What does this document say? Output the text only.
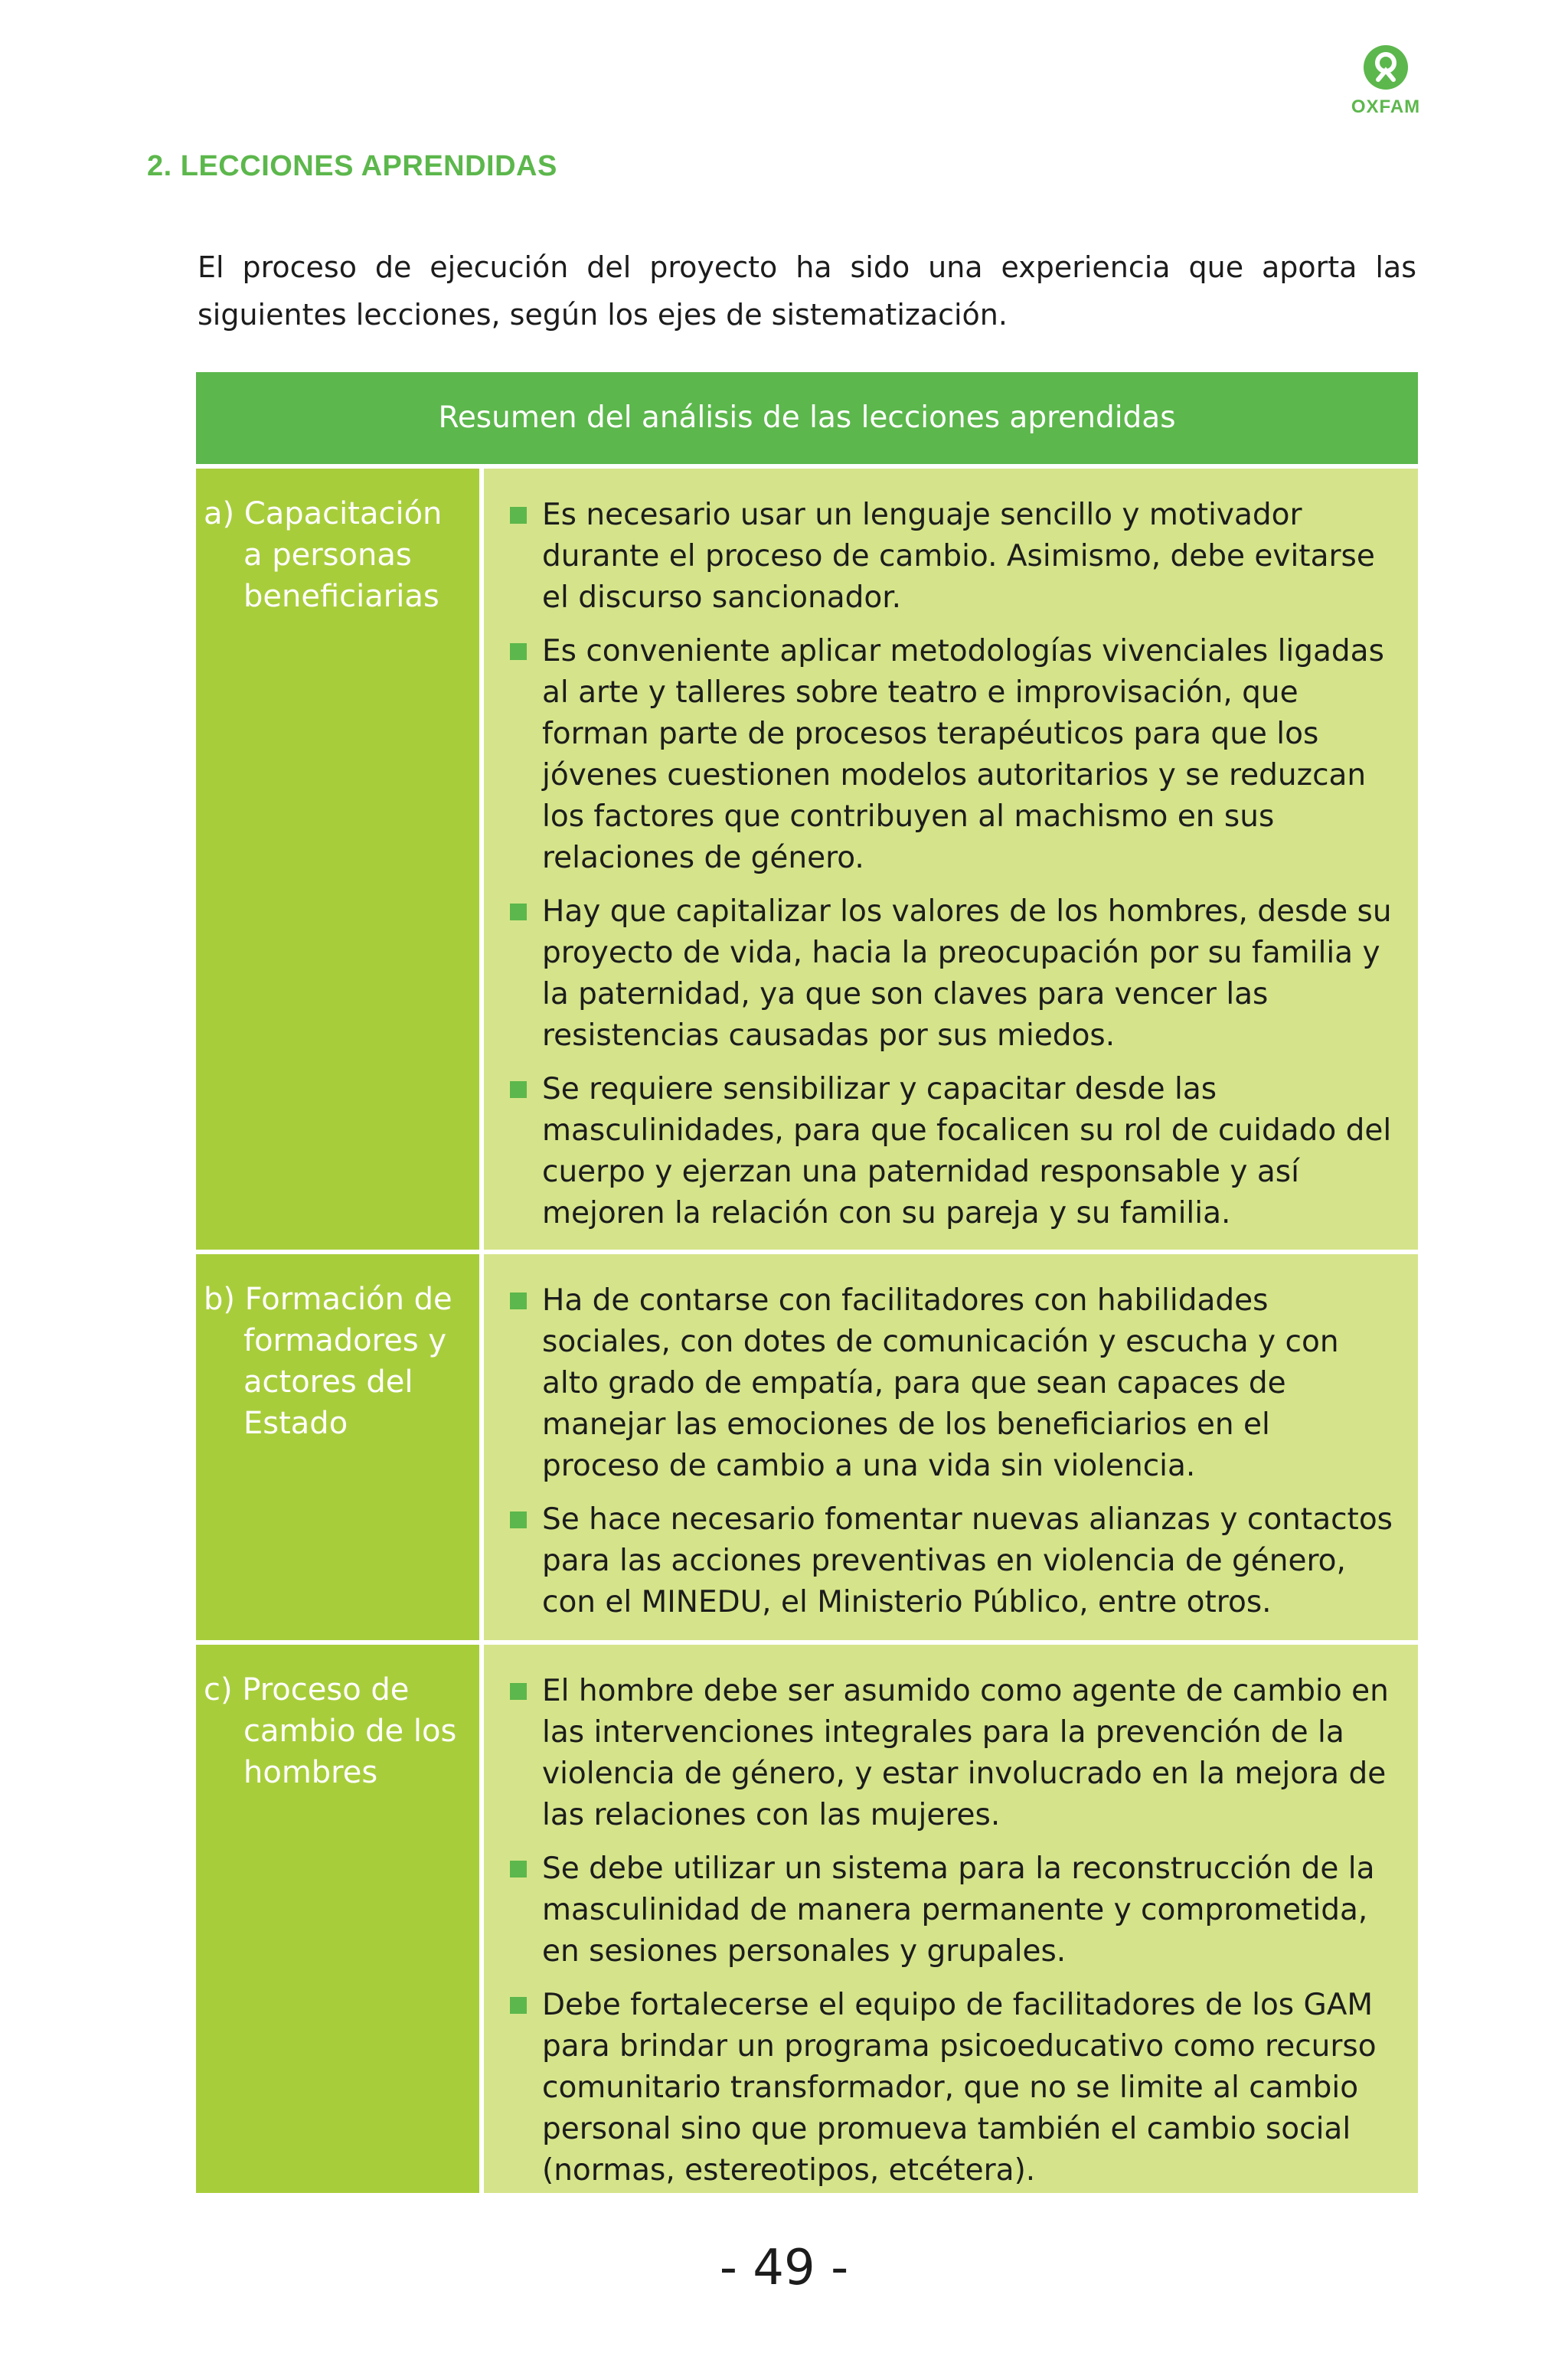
OXFAM
2. LECCIONES APRENDIDAS

El proceso de ejecución del proyecto ha sido una experiencia que aporta las siguientes lecciones, según los ejes de sistematización.

Resumen del análisis de las lecciones aprendidas
a) Capacitación a personas beneficiarias
Es necesario usar un lenguaje sencillo y motivador durante el proceso de cambio. Asimismo, debe evitarse el discurso sancionador.
Es conveniente aplicar metodologías vivenciales ligadas al arte y talleres sobre teatro e improvisación, que forman parte de procesos terapéuticos para que los jóvenes cuestionen modelos autoritarios y se reduzcan los factores que contribuyen al machismo en sus relaciones de género.
Hay que capitalizar los valores de los hombres, desde su proyecto de vida, hacia la preocupación por su familia y la paternidad, ya que son claves para vencer las resistencias causadas por sus miedos.
Se requiere sensibilizar y capacitar desde las masculinidades, para que focalicen su rol de cuidado del cuerpo y ejerzan una paternidad responsable y así mejoren la relación con su pareja y su familia.
b) Formación de formadores y actores del Estado
Ha de contarse con facilitadores con habilidades sociales, con dotes de comunicación y escucha y con alto grado de empatía, para que sean capaces de manejar las emociones de los beneficiarios en el proceso de cambio a una vida sin violencia.
Se hace necesario fomentar nuevas alianzas y contactos para las acciones preventivas en violencia de género, con el MINEDU, el Ministerio Público, entre otros.
c) Proceso de cambio de los hombres
El hombre debe ser asumido como agente de cambio en las intervenciones integrales para la prevención de la violencia de género, y estar involucrado en la mejora de las relaciones con las mujeres.
Se debe utilizar un sistema para la reconstrucción de la masculinidad de manera permanente y comprometida, en sesiones personales y grupales.
Debe fortalecerse el equipo de facilitadores de los GAM para brindar un programa psicoeducativo como recurso comunitario transformador, que no se limite al cambio personal sino que promueva también el cambio social (normas, estereotipos, etcétera).

- 49 -
